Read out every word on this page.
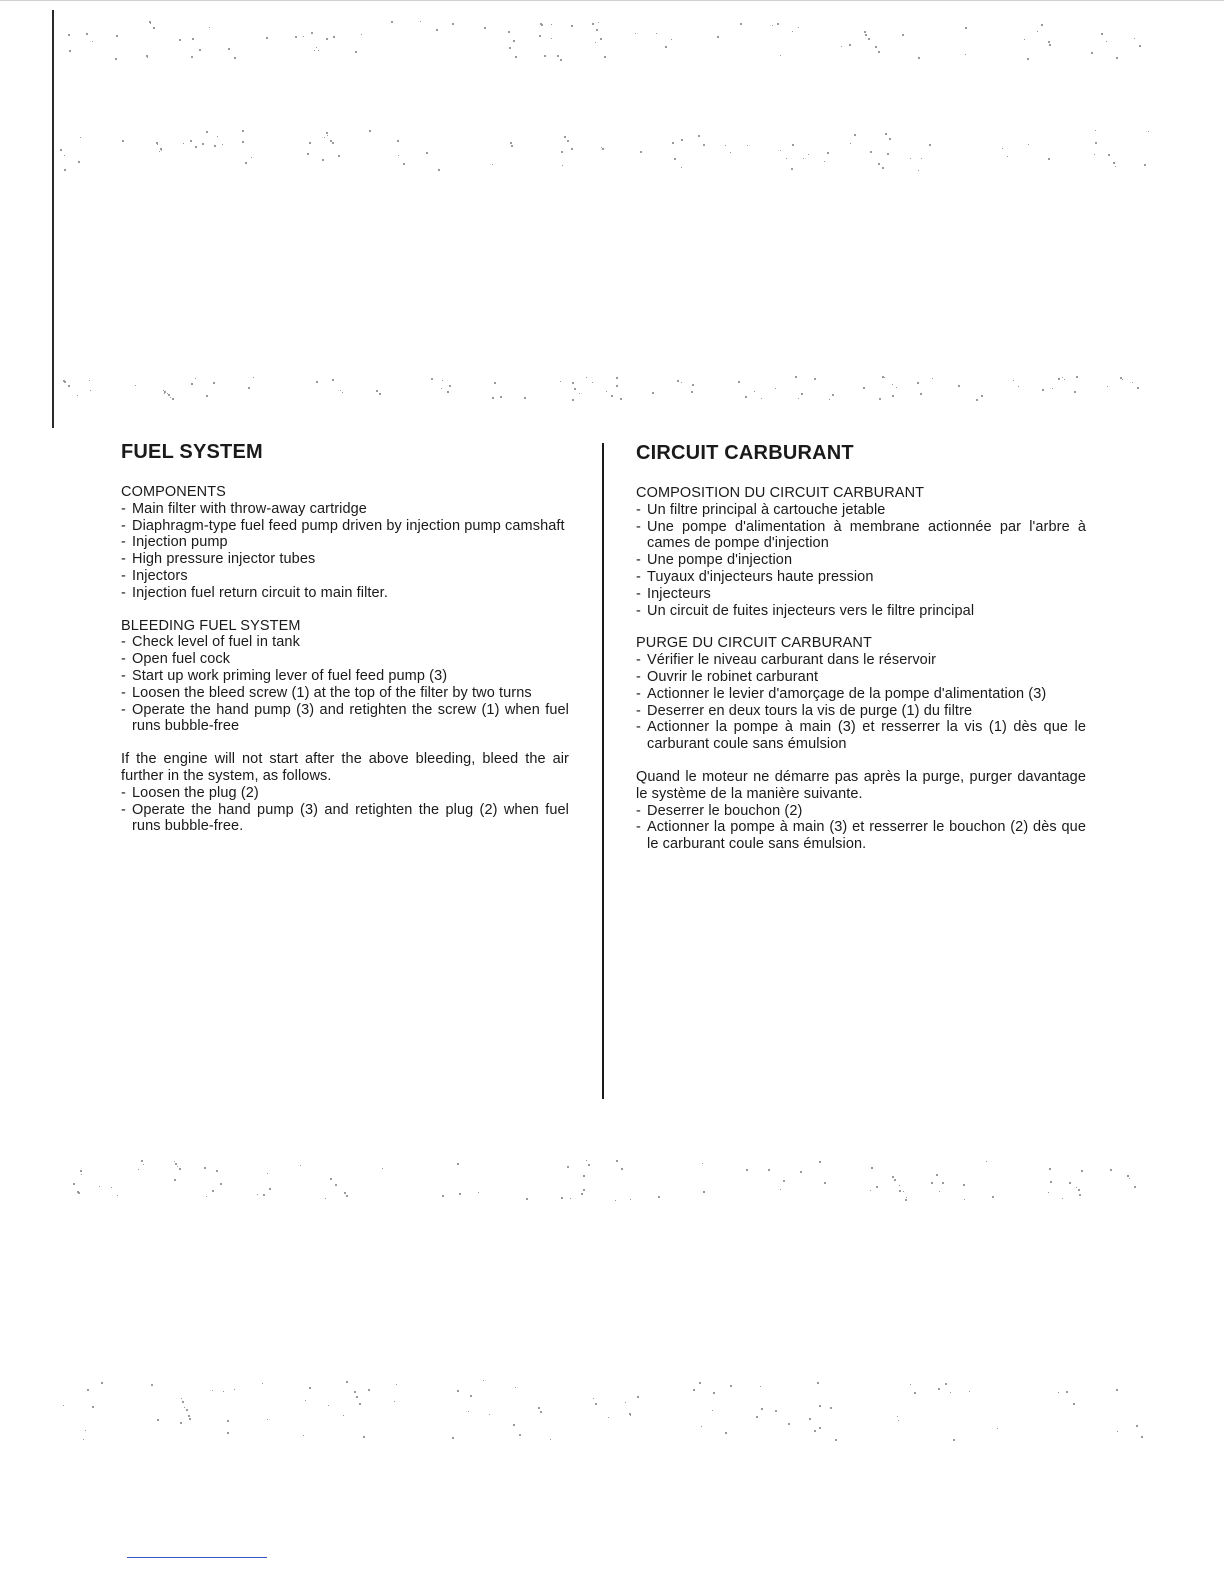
FUEL SYSTEM
COMPONENTS
- Main filter with throw-away cartridge
- Diaphragm-type fuel feed pump driven by injection pump camshaft
- Injection pump
- High pressure injector tubes
- Injectors
- Injection fuel return circuit to main filter.
BLEEDING FUEL SYSTEM
- Check level of fuel in tank
- Open fuel cock
- Start up work priming lever of fuel feed pump (3)
- Loosen the bleed screw (1) at the top of the filter by two turns
- Operate the hand pump (3) and retighten the screw (1) when fuel runs bubble-free

If the engine will not start after the above bleeding, bleed the air further in the system, as follows.

- Loosen the plug (2)
- Operate the hand pump (3) and retighten the plug (2) when fuel runs bubble-free.
CIRCUIT CARBURANT
COMPOSITION DU CIRCUIT CARBURANT
- Un filtre principal à cartouche jetable
- Une pompe d'alimentation à membrane actionnée par l'arbre à cames de pompe d'injection
- Une pompe d'injection
- Tuyaux d'injecteurs haute pression
- Injecteurs
- Un circuit de fuites injecteurs vers le filtre principal
PURGE DU CIRCUIT CARBURANT
- Vérifier le niveau carburant dans le réservoir
- Ouvrir le robinet carburant
- Actionner le levier d'amorçage de la pompe d'alimentation (3)
- Deserrer en deux tours la vis de purge (1) du filtre
- Actionner la pompe à main (3) et resserrer la vis (1) dès que le carburant coule sans émulsion

Quand le moteur ne démarre pas après la purge, purger davantage le système de la manière suivante.

- Deserrer le bouchon (2)
- Actionner la pompe à main (3) et resserrer le bouchon (2) dès que le carburant coule sans émulsion.
